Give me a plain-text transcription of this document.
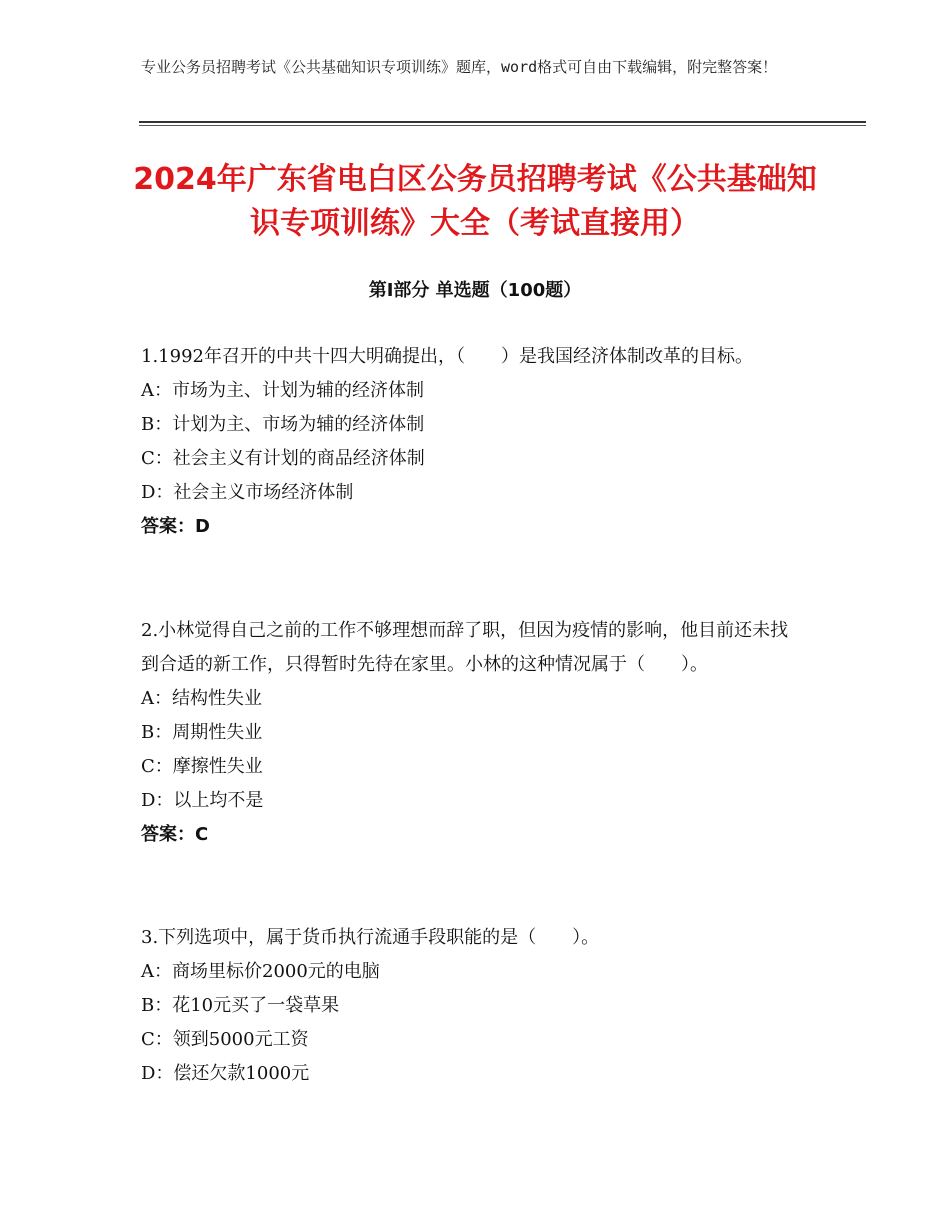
专业公务员招聘考试《公共基础知识专项训练》题库，word格式可自由下载编辑，附完整答案！
2024年广东省电白区公务员招聘考试《公共基础知识专项训练》大全（考试直接用）
第Ⅰ部分 单选题（100题）

1.1992年召开的中共十四大明确提出，（　　）是我国经济体制改革的目标。

A：市场为主、计划为辅的经济体制

B：计划为主、市场为辅的经济体制

C：社会主义有计划的商品经济体制

D：社会主义市场经济体制

答案：D

2.小林觉得自己之前的工作不够理想而辞了职，但因为疫情的影响，他目前还未找到合适的新工作，只得暂时先待在家里。小林的这种情况属于（　　）。

A：结构性失业

B：周期性失业

C：摩擦性失业

D：以上均不是

答案：C

3.下列选项中，属于货币执行流通手段职能的是（　　）。

A：商场里标价2000元的电脑

B：花10元买了一袋草果

C：领到5000元工资

D：偿还欠款1000元
